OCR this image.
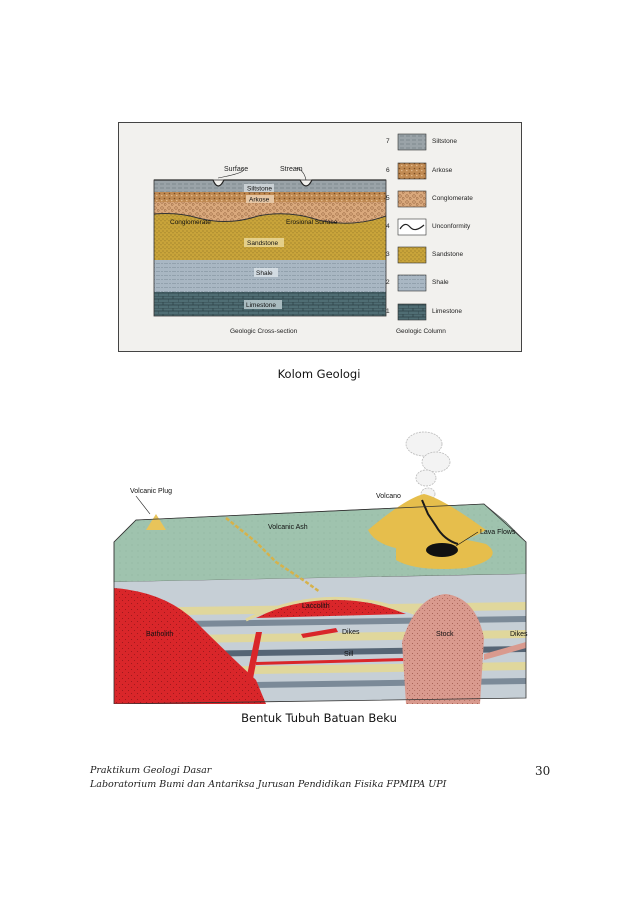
Surface	Stream
Siltstone
Arkose
Conglomerate	Erosional Surface
Sandstone
Shale
Limestone
Geologic Cross-section
7	Siltstone
6	Arkose
5	Conglomerate
4	Unconformity
3	Sandstone
2	Shale
1	Limestone
Geologic Column
Kolom Geologi
Volcanic Plug
Volcano
Volcanic Ash
Lava Flows
Laccolith
Batholith	Dikes	Stock	Dikes
Sill
Bentuk Tubuh Batuan Beku
Praktikum Geologi Dasar
Laboratorium Bumi dan Antariksa Jurusan Pendidikan Fisika FPMIPA UPI
30
